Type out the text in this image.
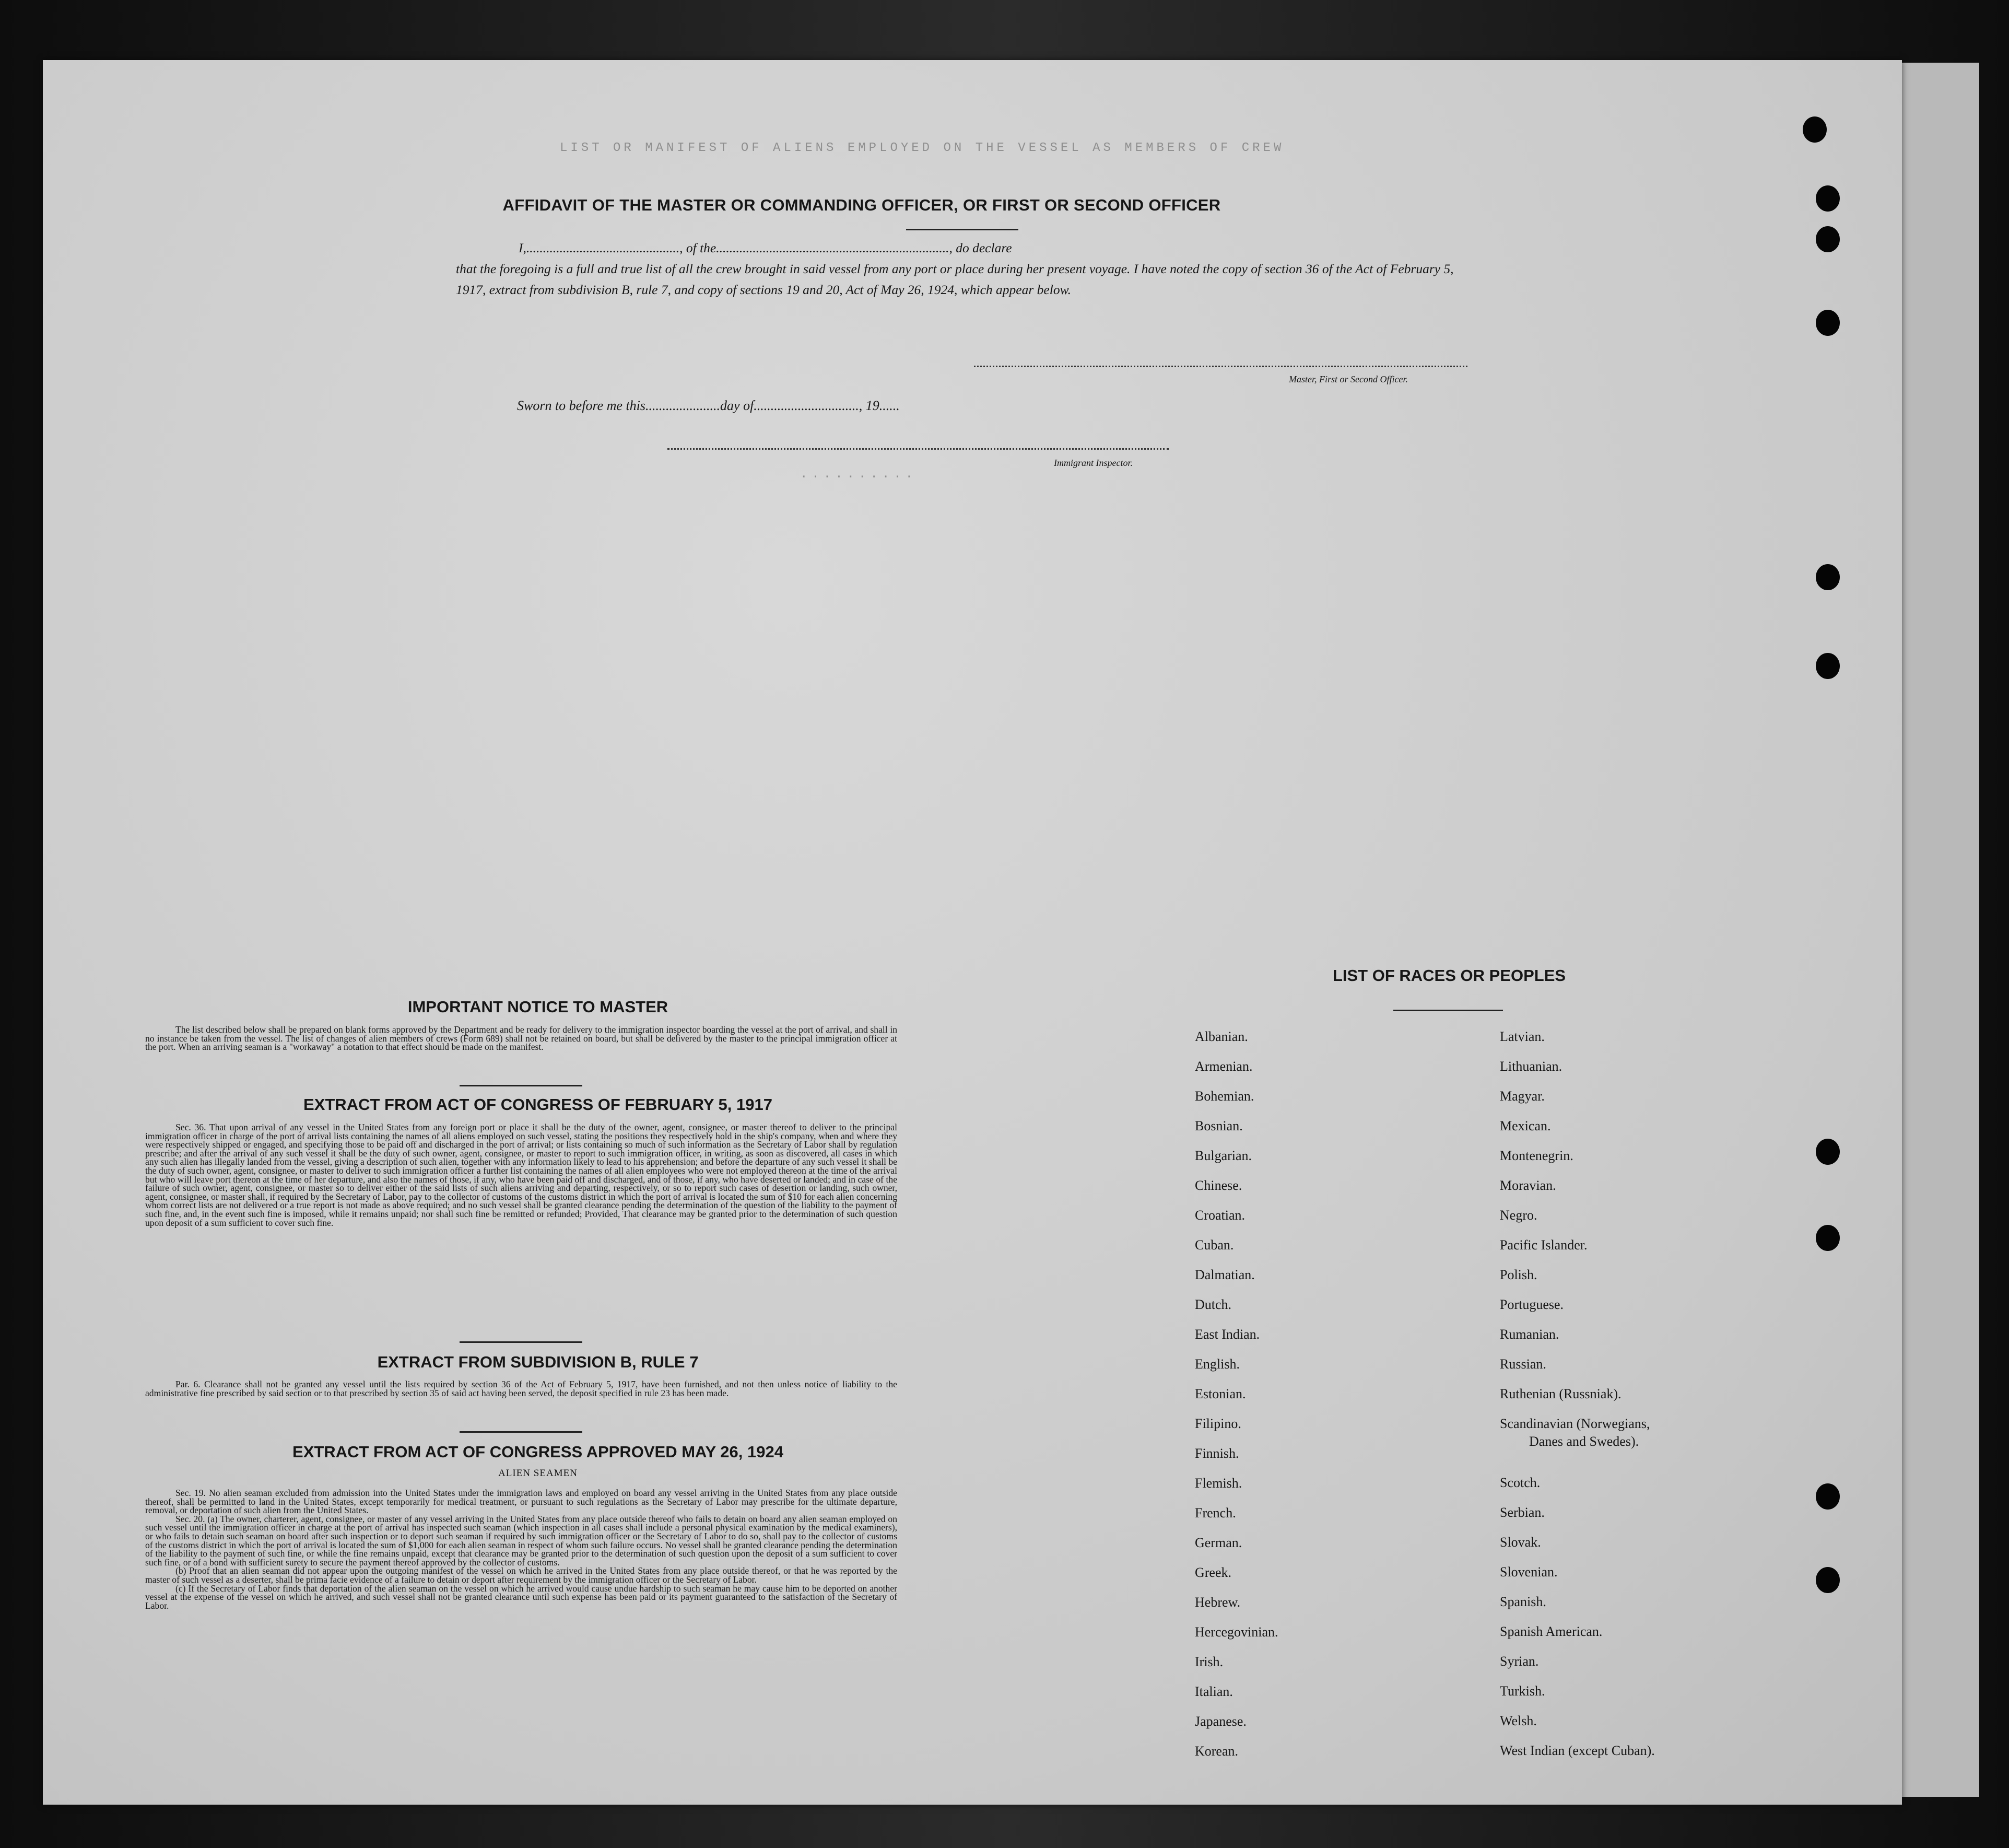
LIST OR MANIFEST OF ALIENS EMPLOYED ON THE VESSEL AS MEMBERS OF CREW
..........
AFFIDAVIT OF THE MASTER OR COMMANDING OFFICER, OR FIRST OR SECOND OFFICER
I,.............................................., of the......................................................................, do declare
that the foregoing is a full and true list of all the crew brought in said vessel from any port or place during her present voyage. I have noted the copy of section 36 of the Act of February 5, 1917, extract from subdivision B, rule 7, and copy of sections 19 and 20, Act of May 26, 1924, which appear below.
Master, First or Second Officer.
Sworn to before me this......................day of..............................., 19......
Immigrant Inspector.
IMPORTANT NOTICE TO MASTER

The list described below shall be prepared on blank forms approved by the Department and be ready for delivery to the immigration inspector boarding the vessel at the port of arrival, and shall in no instance be taken from the vessel. The list of changes of alien members of crews (Form 689) shall not be retained on board, but shall be delivered by the master to the principal immigration officer at the port. When an arriving seaman is a "workaway" a notation to that effect should be made on the manifest.

EXTRACT FROM ACT OF CONGRESS OF FEBRUARY 5, 1917

Sec. 36. That upon arrival of any vessel in the United States from any foreign port or place it shall be the duty of the owner, agent, consignee, or master thereof to deliver to the principal immigration officer in charge of the port of arrival lists containing the names of all aliens employed on such vessel, stating the positions they respectively hold in the ship's company, when and where they were respectively shipped or engaged, and specifying those to be paid off and discharged in the port of arrival; or lists containing so much of such information as the Secretary of Labor shall by regulation prescribe; and after the arrival of any such vessel it shall be the duty of such owner, agent, consignee, or master to report to such immigration officer, in writing, as soon as discovered, all cases in which any such alien has illegally landed from the vessel, giving a description of such alien, together with any information likely to lead to his apprehension; and before the departure of any such vessel it shall be the duty of such owner, agent, consignee, or master to deliver to such immigration officer a further list containing the names of all alien employees who were not employed thereon at the time of the arrival but who will leave port thereon at the time of her departure, and also the names of those, if any, who have been paid off and discharged, and of those, if any, who have deserted or landed; and in case of the failure of such owner, agent, consignee, or master so to deliver either of the said lists of such aliens arriving and departing, respectively, or so to report such cases of desertion or landing, such owner, agent, consignee, or master shall, if required by the Secretary of Labor, pay to the collector of customs of the customs district in which the port of arrival is located the sum of $10 for each alien concerning whom correct lists are not delivered or a true report is not made as above required; and no such vessel shall be granted clearance pending the determination of the question of the liability to the payment of such fine, and, in the event such fine is imposed, while it remains unpaid; nor shall such fine be remitted or refunded; Provided, That clearance may be granted prior to the determination of such question upon deposit of a sum sufficient to cover such fine.

EXTRACT FROM SUBDIVISION B, RULE 7

Par. 6. Clearance shall not be granted any vessel until the lists required by section 36 of the Act of February 5, 1917, have been furnished, and not then unless notice of liability to the administrative fine prescribed by said section or to that prescribed by section 35 of said act having been served, the deposit specified in rule 23 has been made.

EXTRACT FROM ACT OF CONGRESS APPROVED MAY 26, 1924
ALIEN SEAMEN

Sec. 19. No alien seaman excluded from admission into the United States under the immigration laws and employed on board any vessel arriving in the United States from any place outside thereof, shall be permitted to land in the United States, except temporarily for medical treatment, or pursuant to such regulations as the Secretary of Labor may prescribe for the ultimate departure, removal, or deportation of such alien from the United States.

Sec. 20. (a) The owner, charterer, agent, consignee, or master of any vessel arriving in the United States from any place outside thereof who fails to detain on board any alien seaman employed on such vessel until the immigration officer in charge at the port of arrival has inspected such seaman (which inspection in all cases shall include a personal physical examination by the medical examiners), or who fails to detain such seaman on board after such inspection or to deport such seaman if required by such immigration officer or the Secretary of Labor to do so, shall pay to the collector of customs of the customs district in which the port of arrival is located the sum of $1,000 for each alien seaman in respect of whom such failure occurs. No vessel shall be granted clearance pending the determination of the liability to the payment of such fine, or while the fine remains unpaid, except that clearance may be granted prior to the determination of such question upon the deposit of a sum sufficient to cover such fine, or of a bond with sufficient surety to secure the payment thereof approved by the collector of customs.

(b) Proof that an alien seaman did not appear upon the outgoing manifest of the vessel on which he arrived in the United States from any place outside thereof, or that he was reported by the master of such vessel as a deserter, shall be prima facie evidence of a failure to detain or deport after requirement by the immigration officer or the Secretary of Labor.

(c) If the Secretary of Labor finds that deportation of the alien seaman on the vessel on which he arrived would cause undue hardship to such seaman he may cause him to be deported on another vessel at the expense of the vessel on which he arrived, and such vessel shall not be granted clearance until such expense has been paid or its payment guaranteed to the satisfaction of the Secretary of Labor.

LIST OF RACES OR PEOPLES
Albanian.
Armenian.
Bohemian.
Bosnian.
Bulgarian.
Chinese.
Croatian.
Cuban.
Dalmatian.
Dutch.
East Indian.
English.
Estonian.
Filipino.
Finnish.
Flemish.
French.
German.
Greek.
Hebrew.
Hercegovinian.
Irish.
Italian.
Japanese.
Korean.
Latvian.
Lithuanian.
Magyar.
Mexican.
Montenegrin.
Moravian.
Negro.
Pacific Islander.
Polish.
Portuguese.
Rumanian.
Russian.
Ruthenian (Russniak).
Scandinavian (Norwegians,
Danes and Swedes).
Scotch.
Serbian.
Slovak.
Slovenian.
Spanish.
Spanish American.
Syrian.
Turkish.
Welsh.
West Indian (except Cuban).
